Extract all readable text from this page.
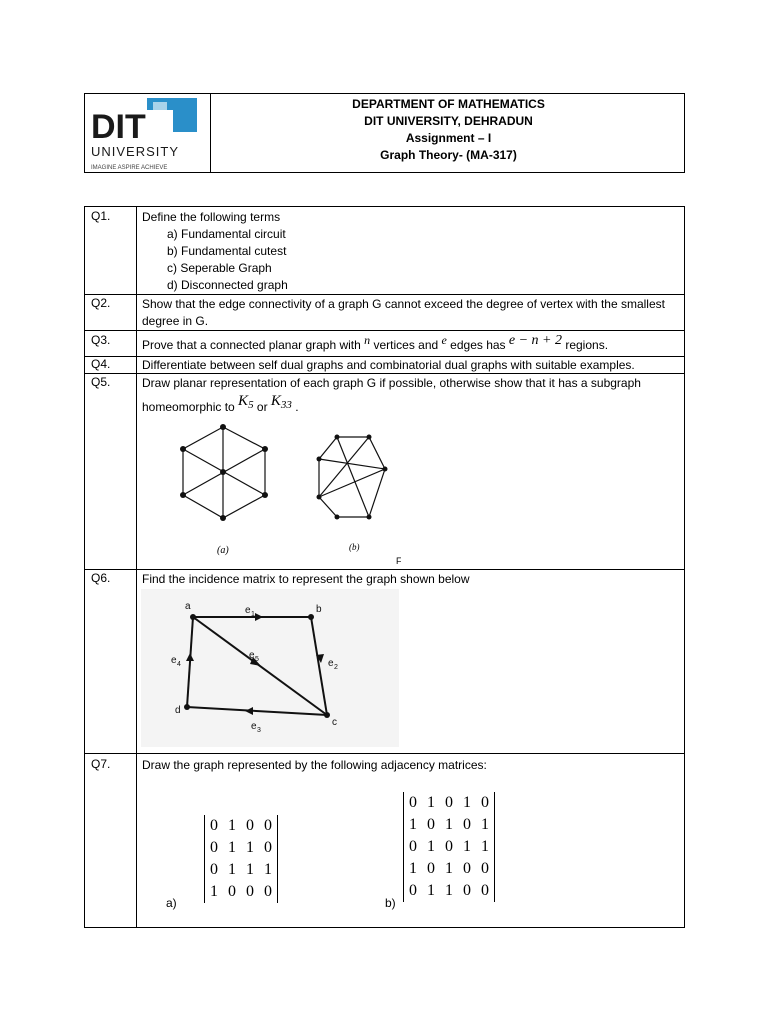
DIT
UNIVERSITY
IMAGINE ASPIRE ACHIEVE
DEPARTMENT OF MATHEMATICS
DIT UNIVERSITY, DEHRADUN
Assignment – I
Graph Theory- (MA-317)
Q1.	Define the following terms
a) Fundamental circuit
b) Fundamental cutest
c) Seperable Graph
d) Disconnected graph
Q2.	Show that the edge connectivity of a graph G cannot exceed the degree of vertex with the smallest degree in G.
Q3.	Prove that a connected planar graph with n vertices and e edges has e − n + 2 regions.
Q4.	Differentiate between self dual graphs and combinatorial dual graphs with suitable examples.
Q5.	Draw planar representation of each graph G if possible, otherwise show that it has a subgraph
homeomorphic to K5 or K33 .
(a)	(b)
F
Q6.	Find the incidence matrix to represent the graph shown below
a	b
c
d
e 1
e 2
e 3
e 4
e 5
Q7.	Draw the graph represented by the following adjacency matrices:
0	1	0	0
0	1	1	0
0	1	1	1
1	0	0	0
a)
0	1	0	1	0
1	0	1	0	1
0	1	0	1	1
1	0	1	0	0
0	1	1	0	0
b)
